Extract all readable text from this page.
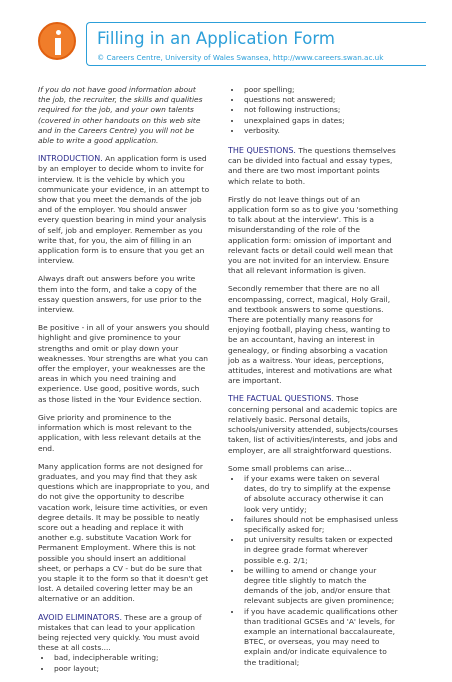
Filling in an Application Form

© Careers Centre, University of Wales Swansea, http://www.careers.swan.ac.uk

If you do not have good information about the job, the recruiter, the skills and qualities required for the job, and your own talents (covered in other handouts on this web site and in the Careers Centre) you will not be able to write a good application.

INTRODUCTION. An application form is used by an employer to decide whom to invite for interview. It is the vehicle by which you communicate your evidence, in an attempt to show that you meet the demands of the job and of the employer. You should answer every question bearing in mind your analysis of self, job and employer. Remember as you write that, for you, the aim of filling in an application form is to ensure that you get an interview.

Always draft out answers before you write them into the form, and take a copy of the essay question answers, for use prior to the interview.

Be positive - in all of your answers you should highlight and give prominence to your strengths and omit or play down your weaknesses. Your strengths are what you can offer the employer, your weaknesses are the areas in which you need training and experience. Use good, positive words, such as those listed in the Your Evidence section.

Give priority and prominence to the information which is most relevant to the application, with less relevant details at the end.

Many application forms are not designed for graduates, and you may find that they ask questions which are inappropriate to you, and do not give the opportunity to describe vacation work, leisure time activities, or even degree details. It may be possible to neatly score out a heading and replace it with another e.g. substitute Vacation Work for Permanent Employment. Where this is not possible you should insert an additional sheet, or perhaps a CV - but do be sure that you staple it to the form so that it doesn't get lost. A detailed covering letter may be an alternative or an addition.

AVOID ELIMINATORS. These are a group of mistakes that can lead to your application being rejected very quickly. You must avoid these at all costs....

• bad, indecipherable writing;
• poor layout;
• poor spelling;
• questions not answered;
• not following instructions;
• unexplained gaps in dates;
• verbosity.

THE QUESTIONS. The questions themselves can be divided into factual and essay types, and there are two most important points which relate to both.

Firstly do not leave things out of an application form so as to give you 'something to talk about at the interview'. This is a misunderstanding of the role of the application form: omission of important and relevant facts or detail could well mean that you are not invited for an interview. Ensure that all relevant information is given.

Secondly remember that there are no all encompassing, correct, magical, Holy Grail, and textbook answers to some questions. There are potentially many reasons for enjoying football, playing chess, wanting to be an accountant, having an interest in genealogy, or finding absorbing a vacation job as a waitress. Your ideas, perceptions, attitudes, interest and motivations are what are important.

THE FACTUAL QUESTIONS. Those concerning personal and academic topics are relatively basic. Personal details, schools/university attended, subjects/courses taken, list of activities/interests, and jobs and employer, are all straightforward questions.

Some small problems can arise...

• if your exams were taken on several dates, do try to simplify at the expense of absolute accuracy otherwise it can look very untidy;
• failures should not be emphasised unless specifically asked for;
• put university results taken or expected in degree grade format wherever possible e.g. 2/1;
• be willing to amend or change your degree title slightly to match the demands of the job, and/or ensure that relevant subjects are given prominence;
• if you have academic qualifications other than traditional GCSEs and 'A' levels, for example an international baccalaureate, BTEC, or overseas, you may need to explain and/or indicate equivalence to the traditional;
